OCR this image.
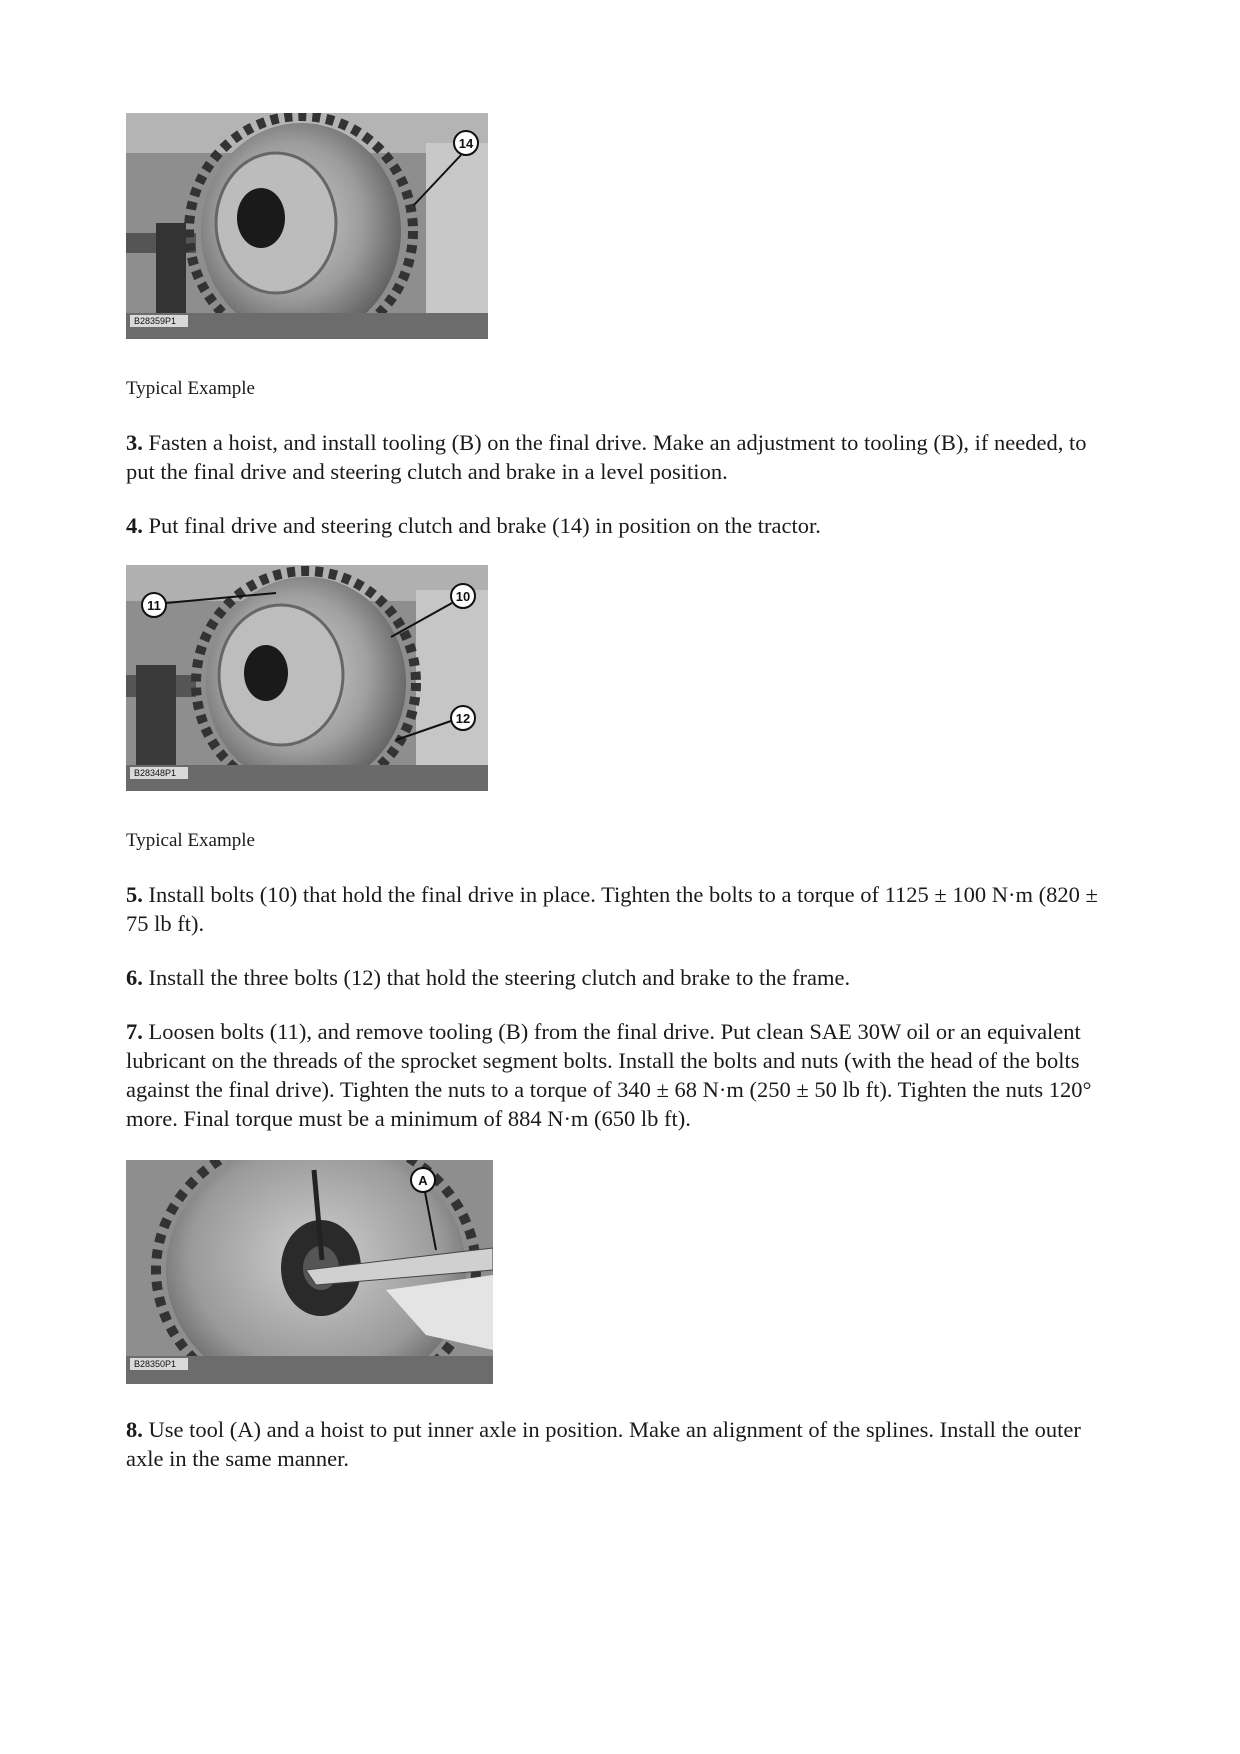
14
B28359P1
Typical Example
3. Fasten a hoist, and install tooling (B) on the final drive. Make an adjustment to tooling (B), if needed, to put the final drive and steering clutch and brake in a level position.
4. Put final drive and steering clutch and brake (14) in position on the tractor.
11
10
12
B28348P1
Typical Example
5. Install bolts (10) that hold the final drive in place. Tighten the bolts to a torque of 1125 ± 100 N·m (820 ± 75 lb ft).
6. Install the three bolts (12) that hold the steering clutch and brake to the frame.
7. Loosen bolts (11), and remove tooling (B) from the final drive. Put clean SAE 30W oil or an equivalent lubricant on the threads of the sprocket segment bolts. Install the bolts and nuts (with the head of the bolts against the final drive). Tighten the nuts to a torque of 340 ± 68 N·m (250 ± 50 lb ft). Tighten the nuts 120° more. Final torque must be a minimum of 884 N·m (650 lb ft).
A
B28350P1
8. Use tool (A) and a hoist to put inner axle in position. Make an alignment of the splines. Install the outer axle in the same manner.
